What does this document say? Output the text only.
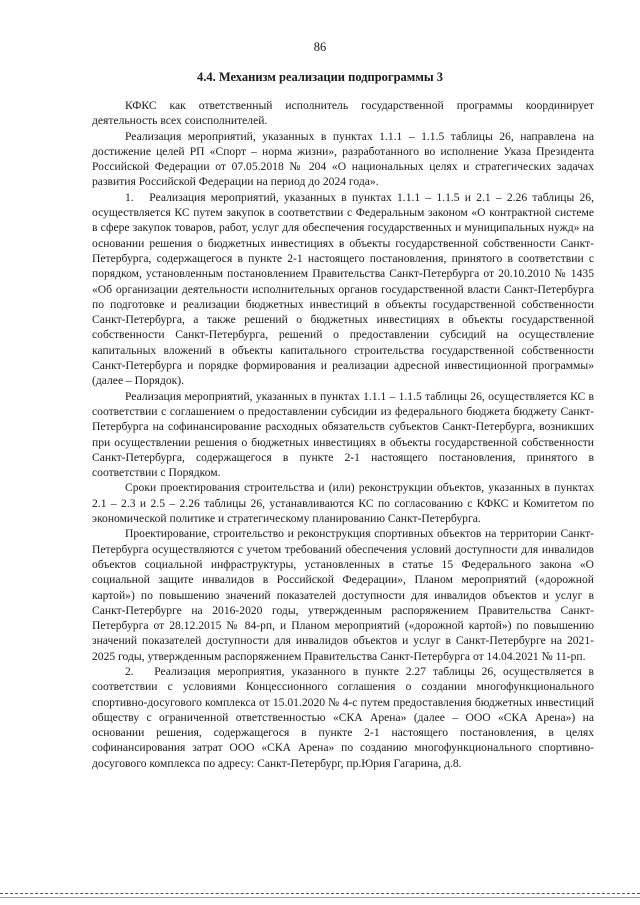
86
4.4. Механизм реализации подпрограммы 3

КФКС как ответственный исполнитель государственной программы координирует деятельность всех соисполнителей.

Реализация мероприятий, указанных в пунктах 1.1.1 – 1.1.5 таблицы 26, направлена на достижение целей РП «Спорт – норма жизни», разработанного во исполнение Указа Президента Российской Федерации от 07.05.2018 № 204 «О национальных целях и стратегических задачах развития Российской Федерации на период до 2024 года».

1.   Реализация мероприятий, указанных в пунктах 1.1.1 – 1.1.5 и 2.1 – 2.26 таблицы 26, осуществляется КС путем закупок в соответствии с Федеральным законом «О контрактной системе в сфере закупок товаров, работ, услуг для обеспечения государственных и муниципальных нужд» на основании решения о бюджетных инвестициях в объекты государственной собственности Санкт-Петербурга, содержащегося в пункте 2-1 настоящего постановления, принятого в соответствии с порядком, установленным постановлением Правительства Санкт-Петербурга от 20.10.2010 № 1435 «Об организации деятельности исполнительных органов государственной власти Санкт-Петербурга по подготовке и реализации бюджетных инвестиций в объекты государственной собственности Санкт-Петербурга, а также решений о бюджетных инвестициях в объекты государственной собственности Санкт-Петербурга, решений о предоставлении субсидий на осуществление капитальных вложений в объекты капитального строительства государственной собственности Санкт-Петербурга и порядке формирования и реализации адресной инвестиционной программы» (далее – Порядок).

Реализация мероприятий, указанных в пунктах 1.1.1 – 1.1.5 таблицы 26, осуществляется КС в соответствии с соглашением о предоставлении субсидии из федерального бюджета бюджету Санкт-Петербурга на софинансирование расходных обязательств субъектов Санкт-Петербурга, возникших при осуществлении решения о бюджетных инвестициях в объекты государственной собственности Санкт-Петербурга, содержащегося в пункте 2-1 настоящего постановления, принятого в соответствии с Порядком.

Сроки проектирования строительства и (или) реконструкции объектов, указанных в пунктах 2.1 – 2.3 и 2.5 – 2.26 таблицы 26, устанавливаются КС по согласованию с КФКС и Комитетом по экономической политике и стратегическому планированию Санкт-Петербурга.

Проектирование, строительство и реконструкция спортивных объектов на территории Санкт-Петербурга осуществляются с учетом требований обеспечения условий доступности для инвалидов объектов социальной инфраструктуры, установленных в статье 15 Федерального закона «О социальной защите инвалидов в Российской Федерации», Планом мероприятий («дорожной картой») по повышению значений показателей доступности для инвалидов объектов и услуг в Санкт-Петербурге на 2016-2020 годы, утвержденным распоряжением Правительства Санкт-Петербурга от 28.12.2015 № 84-рп, и Планом мероприятий («дорожной картой») по повышению значений показателей доступности для инвалидов объектов и услуг в Санкт-Петербурге на 2021-2025 годы, утвержденным распоряжением Правительства Санкт-Петербурга от 14.04.2021 № 11-рп.

2.   Реализация мероприятия, указанного в пункте 2.27 таблицы 26, осуществляется в соответствии с условиями Концессионного соглашения о создании многофункционального спортивно-досугового комплекса от 15.01.2020 № 4-с путем предоставления бюджетных инвестиций обществу с ограниченной ответственностью «СКА Арена» (далее – ООО «СКА Арена») на основании решения, содержащегося в пункте 2-1 настоящего постановления, в целях софинансирования затрат ООО «СКА Арена» по созданию многофункционального спортивно-досугового комплекса по адресу: Санкт-Петербург, пр.Юрия Гагарина, д.8.
